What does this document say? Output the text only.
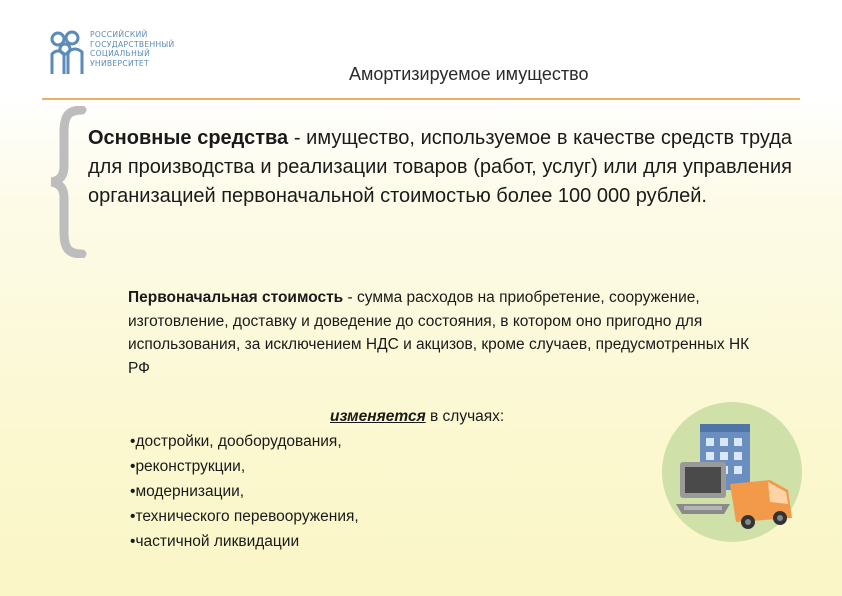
РОССИЙСКИЙ
ГОСУДАРСТВЕННЫЙ
СОЦИАЛЬНЫЙ
УНИВЕРСИТЕТ
Амортизируемое имущество
Основные средства - имущество, используемое в качестве средств труда для производства и реализации товаров (работ, услуг) или для управления организацией первоначальной стоимостью более 100 000 рублей.
Первоначальная стоимость - сумма расходов на приобретение, сооружение, изготовление, доставку и доведение до состояния, в котором оно пригодно для использования, за исключением НДС и акцизов, кроме случаев, предусмотренных НК РФ
изменяется в случаях:
• достройки, дооборудования,
• реконструкции,
• модернизации,
• технического перевооружения,
• частичной ликвидации
